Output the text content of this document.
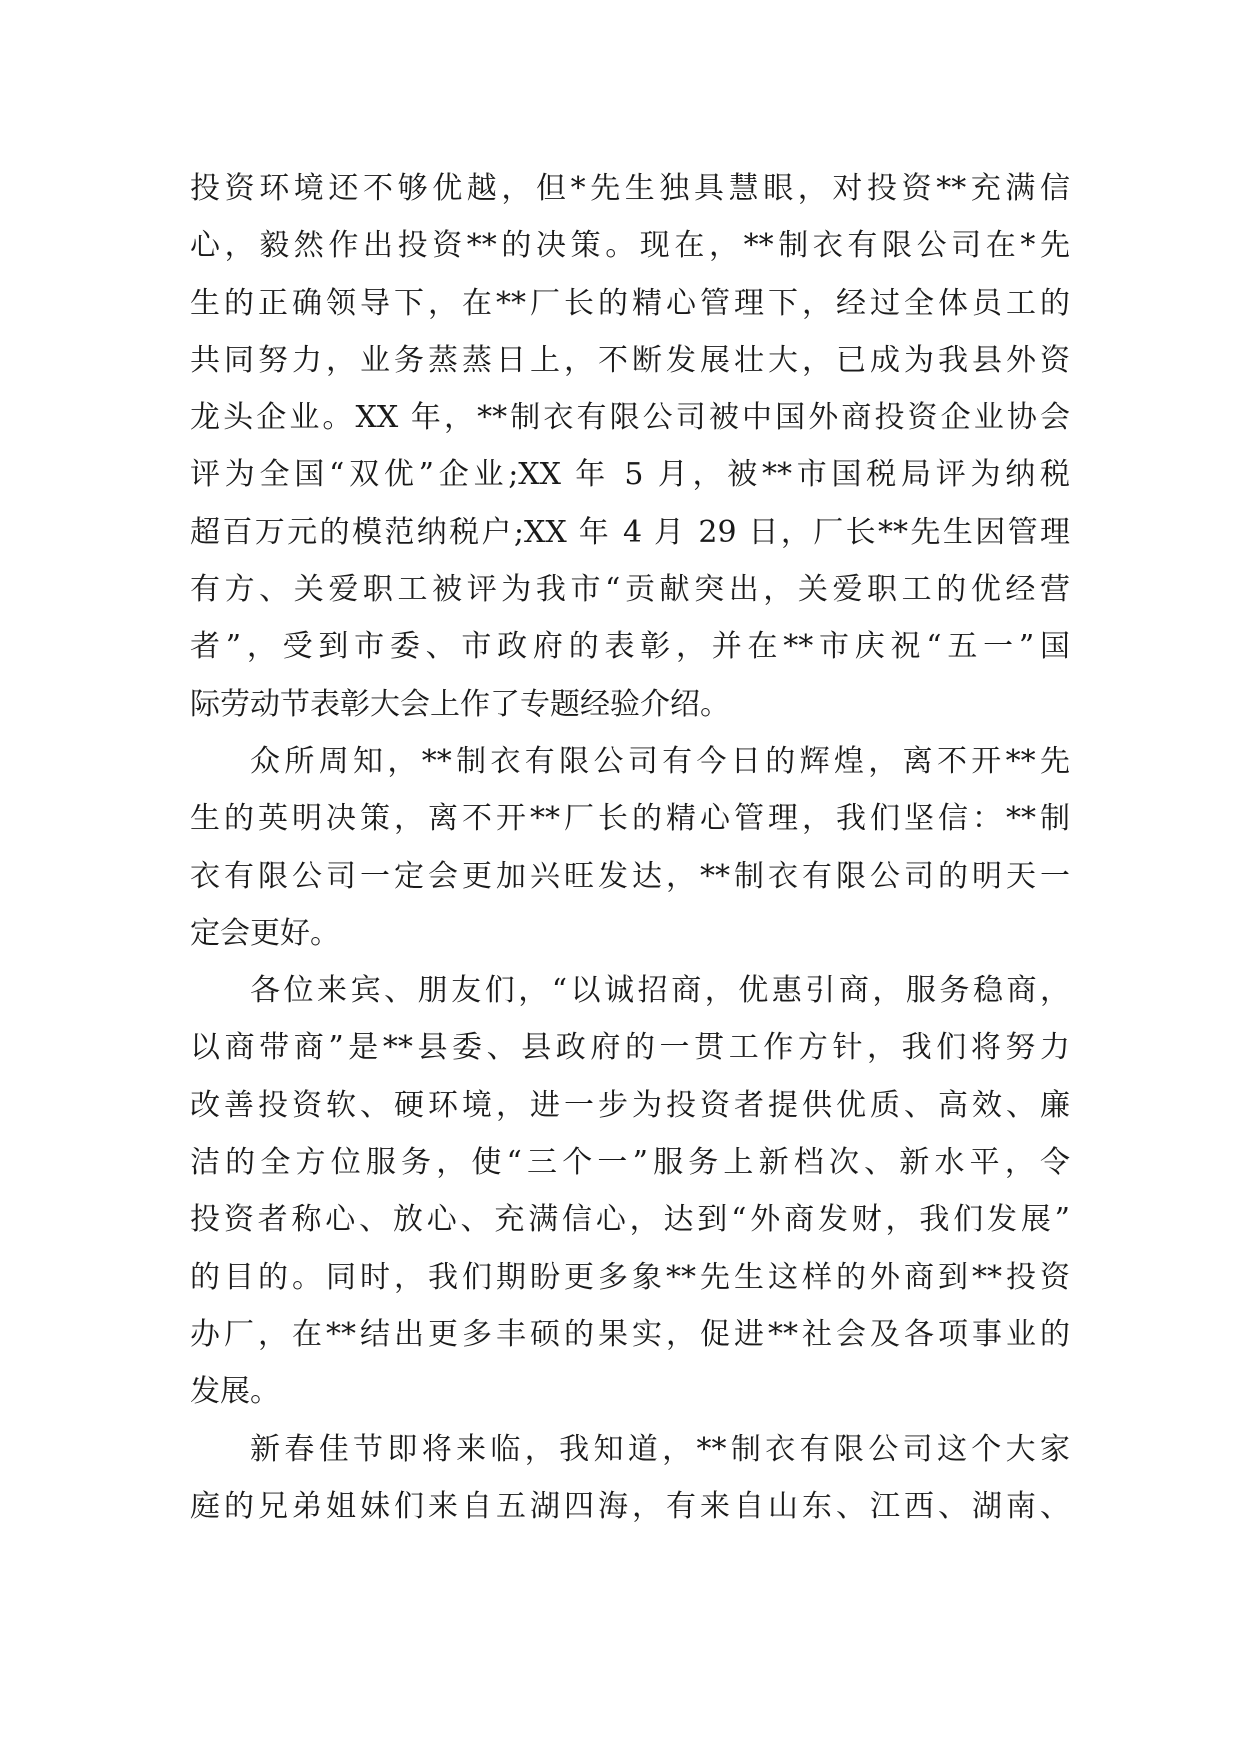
投资环境还不够优越，但*先生独具慧眼，对投资**充满信
心，毅然作出投资**的决策。现在，**制衣有限公司在*先
生的正确领导下，在**厂长的精心管理下，经过全体员工的
共同努力，业务蒸蒸日上，不断发展壮大，已成为我县外资
龙头企业。XX 年，**制衣有限公司被中国外商投资企业协会
评为全国“双优”企业;XX 年 5 月，被**市国税局评为纳税
超百万元的模范纳税户;XX 年 4 月 29 日，厂长**先生因管理
有方、关爱职工被评为我市“贡献突出，关爱职工的优经营
者”，受到市委、市政府的表彰，并在**市庆祝“五一”国
际劳动节表彰大会上作了专题经验介绍。
众所周知，**制衣有限公司有今日的辉煌，离不开**先
生的英明决策，离不开**厂长的精心管理，我们坚信：**制
衣有限公司一定会更加兴旺发达，**制衣有限公司的明天一
定会更好。
各位来宾、朋友们，“以诚招商，优惠引商，服务稳商，
以商带商”是**县委、县政府的一贯工作方针，我们将努力
改善投资软、硬环境，进一步为投资者提供优质、高效、廉
洁的全方位服务，使“三个一”服务上新档次、新水平，令
投资者称心、放心、充满信心，达到“外商发财，我们发展”
的目的。同时，我们期盼更多象**先生这样的外商到**投资
办厂，在**结出更多丰硕的果实，促进**社会及各项事业的
发展。
新春佳节即将来临，我知道，**制衣有限公司这个大家
庭的兄弟姐妹们来自五湖四海，有来自山东、江西、湖南、
